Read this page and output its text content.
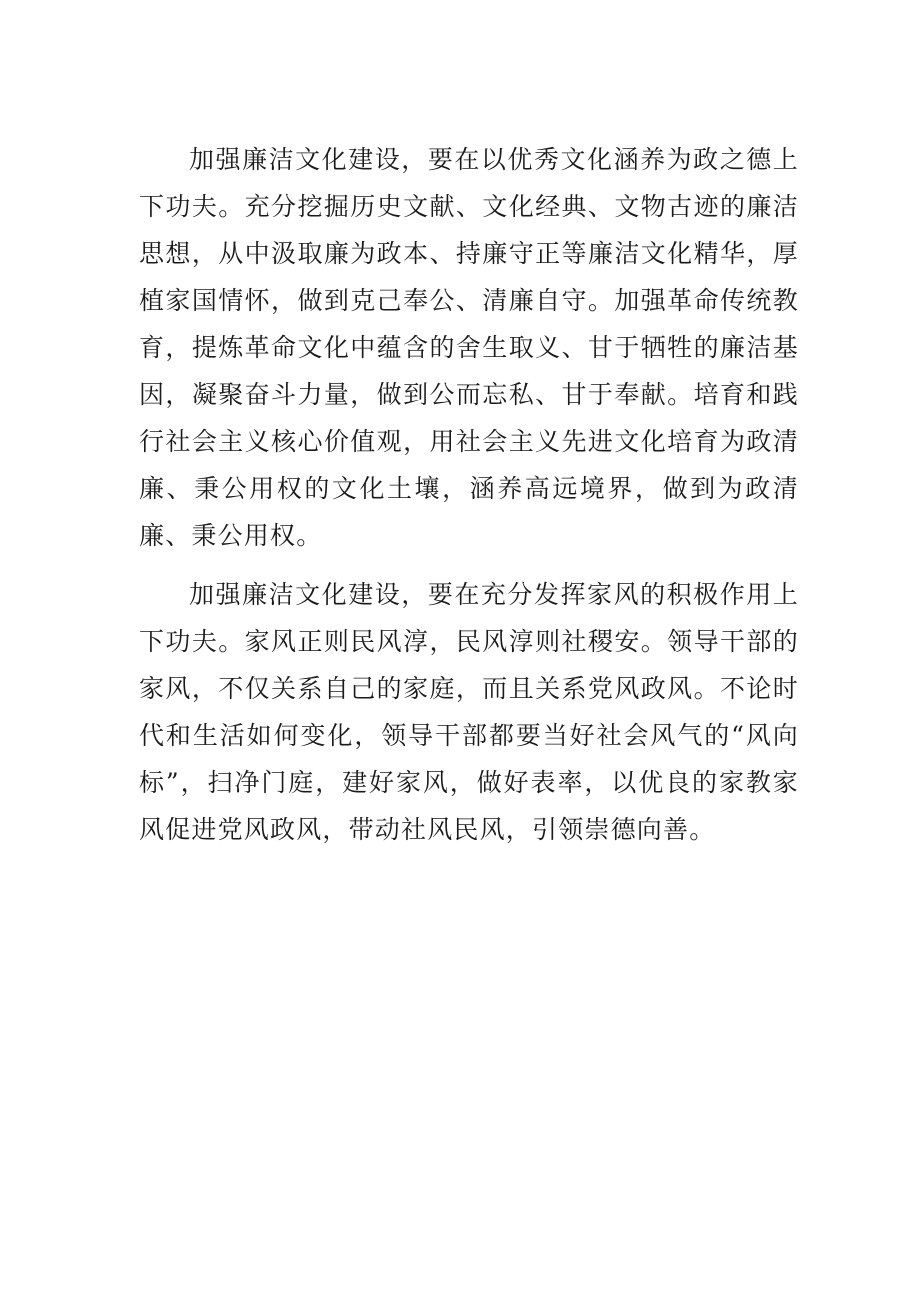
加强廉洁文化建设，要在以优秀文化涵养为政之德上下功夫。充分挖掘历史文献、文化经典、文物古迹的廉洁思想，从中汲取廉为政本、持廉守正等廉洁文化精华，厚植家国情怀，做到克己奉公、清廉自守。加强革命传统教育，提炼革命文化中蕴含的舍生取义、甘于牺牲的廉洁基因，凝聚奋斗力量，做到公而忘私、甘于奉献。培育和践行社会主义核心价值观，用社会主义先进文化培育为政清廉、秉公用权的文化土壤，涵养高远境界，做到为政清廉、秉公用权。

加强廉洁文化建设，要在充分发挥家风的积极作用上下功夫。家风正则民风淳，民风淳则社稷安。领导干部的家风，不仅关系自己的家庭，而且关系党风政风。不论时代和生活如何变化，领导干部都要当好社会风气的“风向标”，扫净门庭，建好家风，做好表率，以优良的家教家风促进党风政风，带动社风民风，引领崇德向善。
